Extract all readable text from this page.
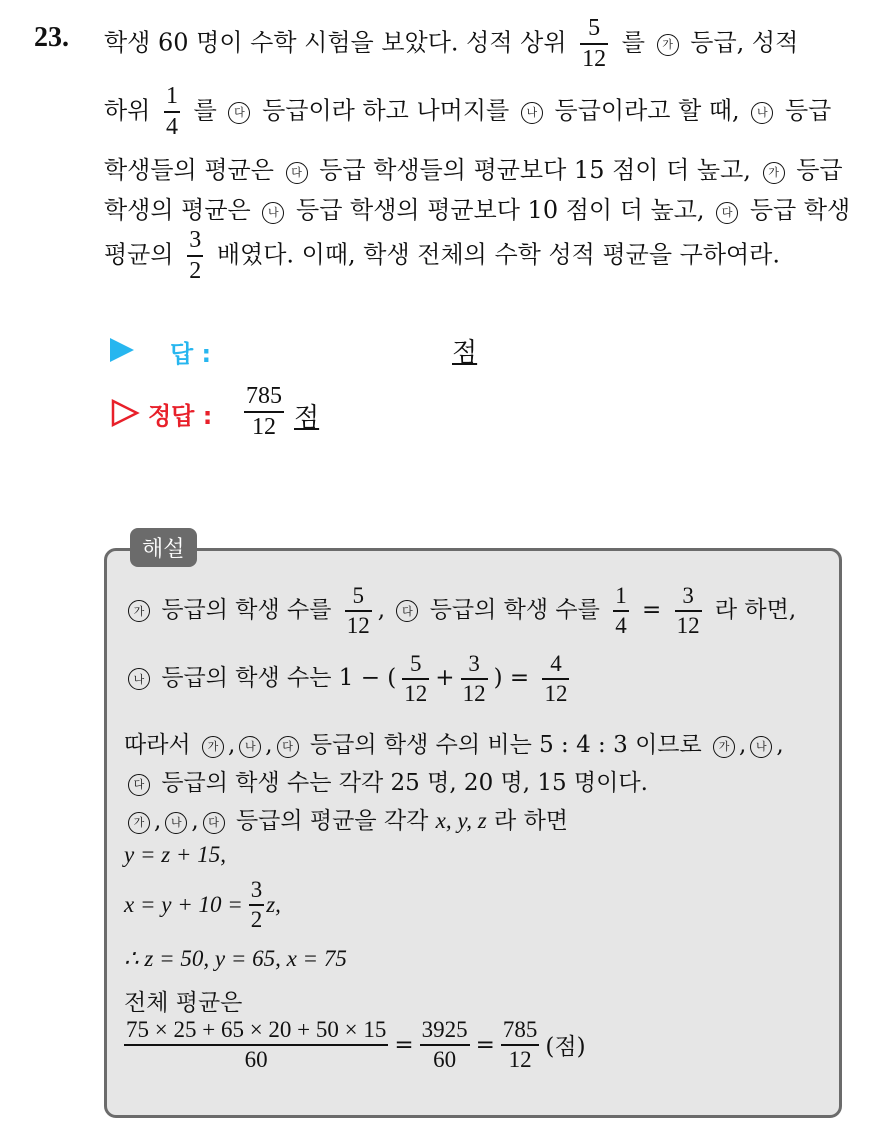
23. 학생 60 명이 수학 시험을 보았다. 성적 상위 $\frac{5}{12}$ 를 가 등급, 성적
하위 $\frac{1}{4}$ 를 다 등급이라 하고 나머지를 나 등급이라고 할 때, 나 등급
학생들의 평균은 다 등급 학생들의 평균보다 15 점이 더 높고, 가 등급
학생의 평균은 나 등급 학생의 평균보다 10 점이 더 높고, 다 등급 학생
평균의 $\frac{3}{2}$ 배였다. 이때, 학생 전체의 수학 성적 평균을 구하여라.
답 :	점
정답 : $\frac{785}{12}$ 점
해설
가 등급의 학생 수를 $\frac{5}{12}$ , 다 등급의 학생 수를 $\frac{1}{4} = \frac{3}{12}$ 라 하면,
나 등급의 학생 수는 1 − ( $\frac{5}{12} + \frac{3}{12}$ ) = $\frac{4}{12}$
따라서 가 , 나 , 다 등급의 학생 수의 비는 5 : 4 : 3 이므로 가 , 나 ,
다 등급의 학생 수는 각각 25 명, 20 명, 15 명이다.
가 , 나 , 다 등급의 평균을 각각 x, y, z 라 하면
y = z + 15,
$x = y + 10 = \frac{3}{2} z$,
∴ z = 50, y = 65, x = 75
전체 평균은
$\frac{75 \times 25 + 65 \times 20 + 50 \times 15}{60} = \frac{3925}{60} = \frac{785}{12}$ (점)
